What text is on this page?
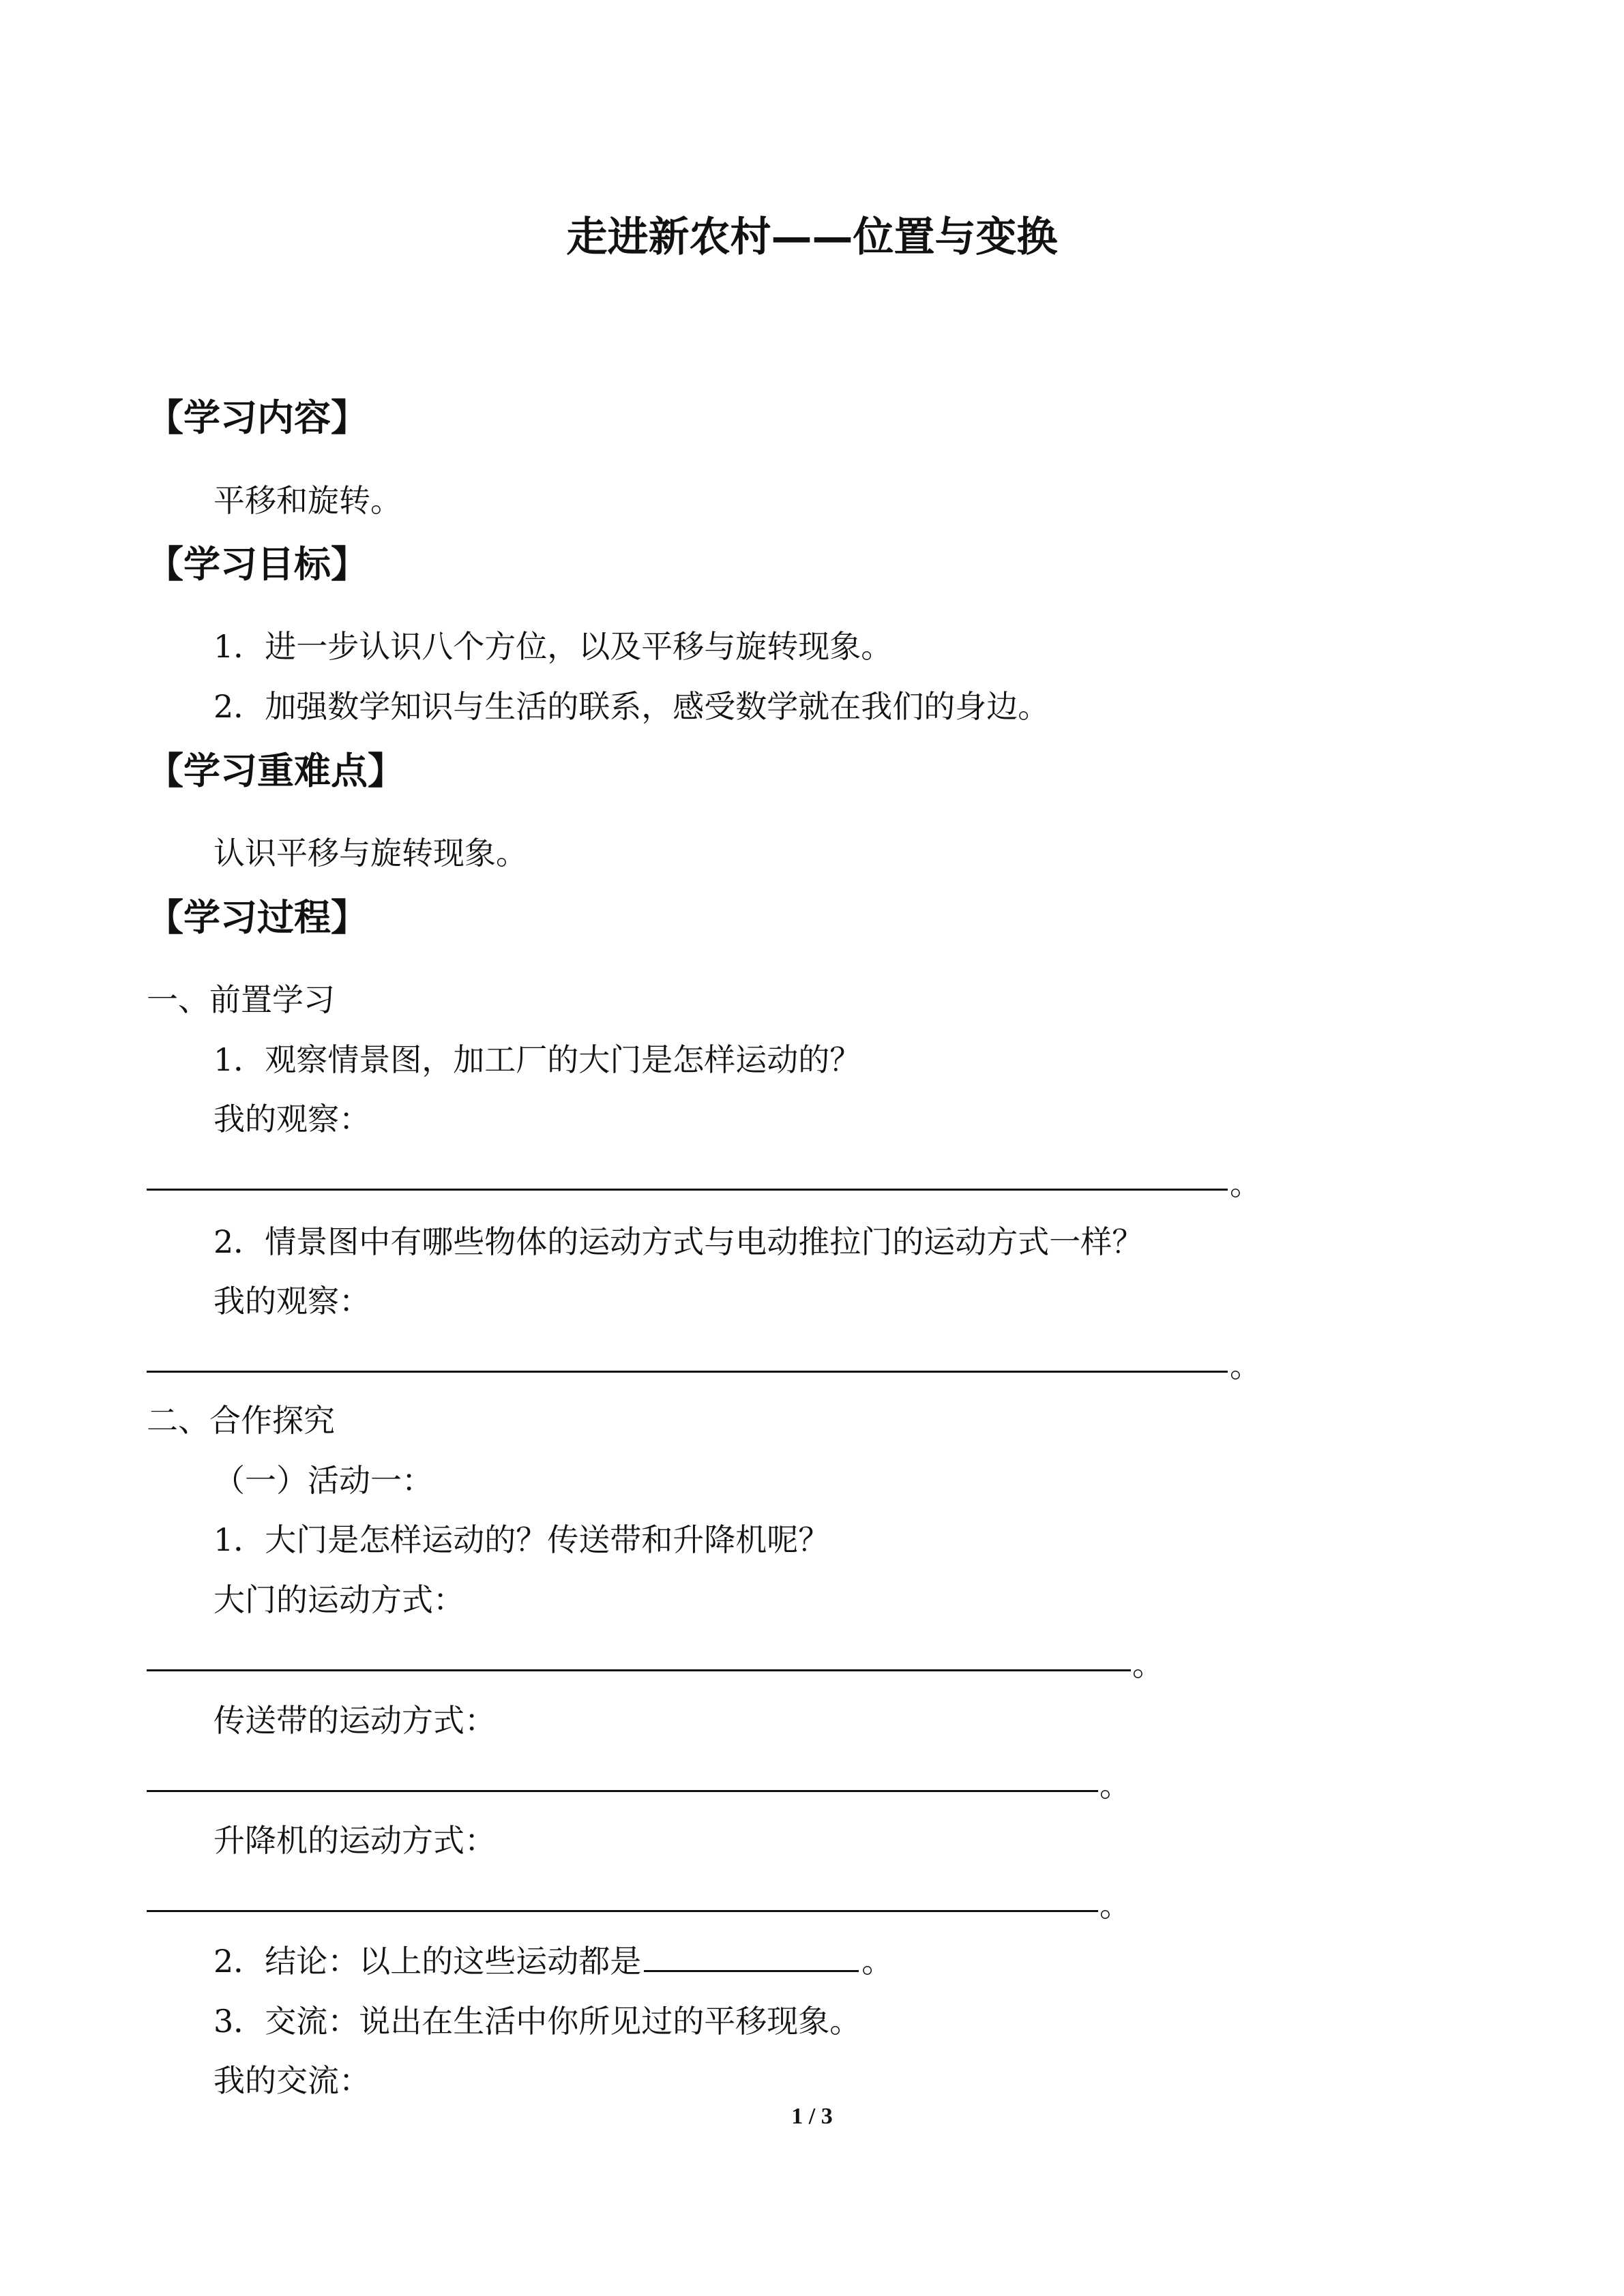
走进新农村——位置与变换
【学习内容】
平移和旋转。
【学习目标】
1．进一步认识八个方位，以及平移与旋转现象。
2．加强数学知识与生活的联系，感受数学就在我们的身边。
【学习重难点】
认识平移与旋转现象。
【学习过程】
一、前置学习
1．观察情景图，加工厂的大门是怎样运动的？
我的观察：
。
2．情景图中有哪些物体的运动方式与电动推拉门的运动方式一样？
我的观察：
。
二、合作探究
（一）活动一：
1．大门是怎样运动的？传送带和升降机呢？
大门的运动方式：
。
传送带的运动方式：
。
升降机的运动方式：
。
2．结论：以上的这些运动都是	。
3．交流：说出在生活中你所见过的平移现象。
我的交流：
1 / 3
